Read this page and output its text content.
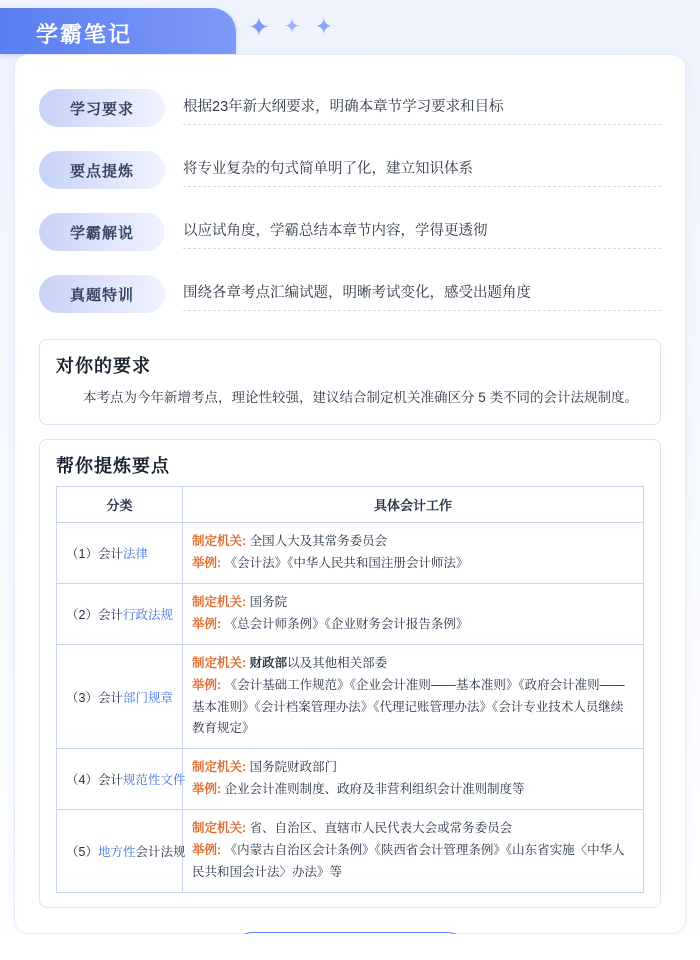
学霸笔记	✦ ✦ ✦
学习要求	根据23年新大纲要求，明确本章节学习要求和目标
要点提炼	将专业复杂的句式简单明了化，建立知识体系
学霸解说	以应试角度，学霸总结本章节内容，学得更透彻
真题特训	围绕各章考点汇编试题，明晰考试变化，感受出题角度
对你的要求
本考点为今年新增考点，理论性较强，建议结合制定机关准确区分 5 类不同的会计法规制度。
帮你提炼要点
分类	具体会计工作
（1）会计法律	制定机关: 全国人大及其常务委员会
举例: 《会计法》《中华人民共和国注册会计师法》

（2）会计行政法规	制定机关: 国务院
举例: 《总会计师条例》《企业财务会计报告条例》

（3）会计部门规章	制定机关: 财政部以及其他相关部委
举例: 《会计基础工作规范》《企业会计准则——基本准则》《政府会计准则——基本准则》《会计档案管理办法》《代理记账管理办法》《会计专业技术人员继续教育规定》

（4）会计规范性文件	制定机关: 国务院财政部门
举例: 企业会计准则制度、政府及非营利组织会计准则制度等

（5）地方性会计法规	制定机关: 省、自治区、直辖市人民代表大会或常务委员会
举例: 《内蒙古自治区会计条例》《陕西省会计管理条例》《山东省实施〈中华人民共和国会计法〉办法》等
